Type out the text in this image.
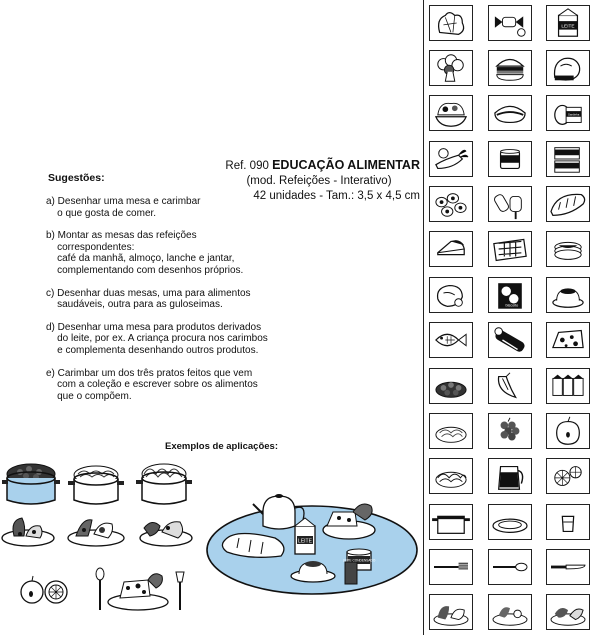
Ref. 090 EDUCAÇÃO ALIMENTAR
(mod. Refeições - Interativo)
42 unidades - Tam.: 3,5 x 4,5 cm
Sugestões:
a) Desenhar uma mesa e carimbar
o que gosta de comer.
b) Montar as mesas das refeições
correspondentes:
café da manhã, almoço, lanche e jantar,
complementando com desenhos próprios.
c) Desenhar duas mesas, uma para alimentos
saudáveis, outra para as guloseimas.
d) Desenhar uma mesa para produtos derivados
do leite, por ex. A criança procura nos carimbos
e complementa desenhando outros produtos.
e) Carimbar um dos três pratos feitos que vem
com a coleção e escrever sobre os alimentos
que o compõem.
Exemplos de aplicações:
LEITE
LEITE CONDENSADO
LEITE
Sardinha
biscoito
